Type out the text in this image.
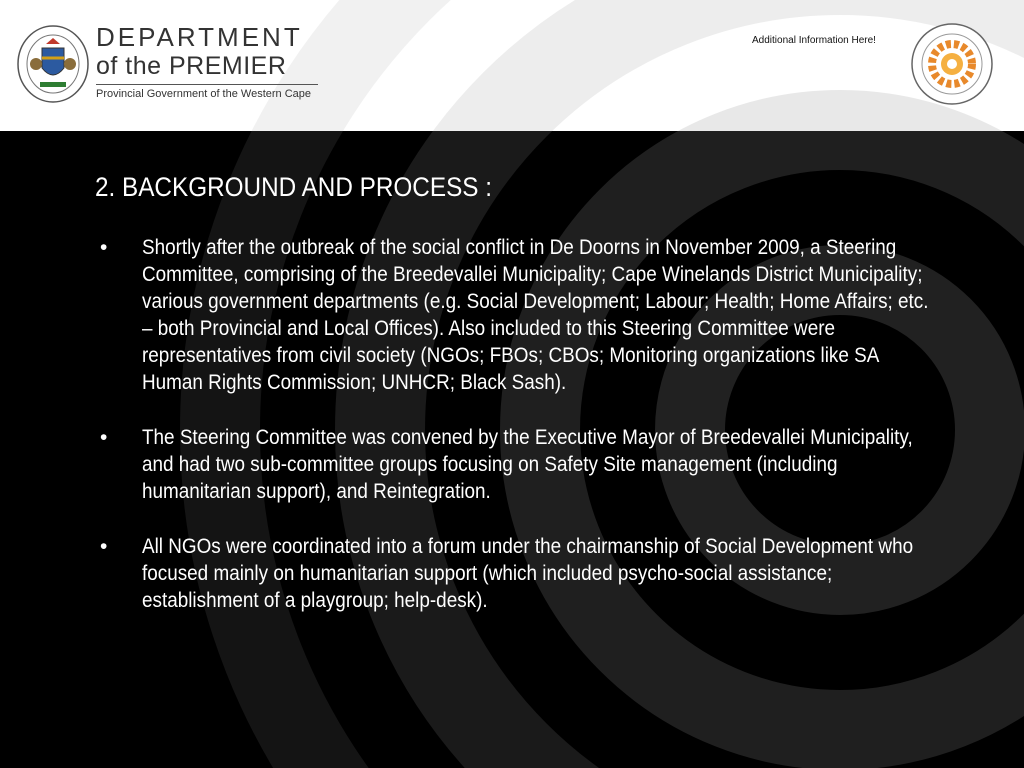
DEPARTMENT
of the PREMIER
Provincial Government of the Western Cape
Additional Information Here!
2. BACKGROUND AND PROCESS :
• Shortly after the outbreak of the social conflict in De Doorns in November 2009, a Steering Committee, comprising of the Breedevallei Municipality; Cape Winelands District Municipality; various government departments (e.g. Social Development; Labour; Health; Home Affairs; etc. – both Provincial and Local Offices). Also included to this Steering Committee were representatives from civil society (NGOs; FBOs; CBOs; Monitoring organizations like SA Human Rights Commission; UNHCR; Black Sash).
• The Steering Committee was convened by the Executive Mayor of Breedevallei Municipality, and had two sub-committee groups focusing on Safety Site management (including humanitarian support), and Reintegration.
• All NGOs were coordinated into a forum under the chairmanship of Social Development who focused mainly on humanitarian support (which included psycho-social assistance; establishment of a playgroup; help-desk).
